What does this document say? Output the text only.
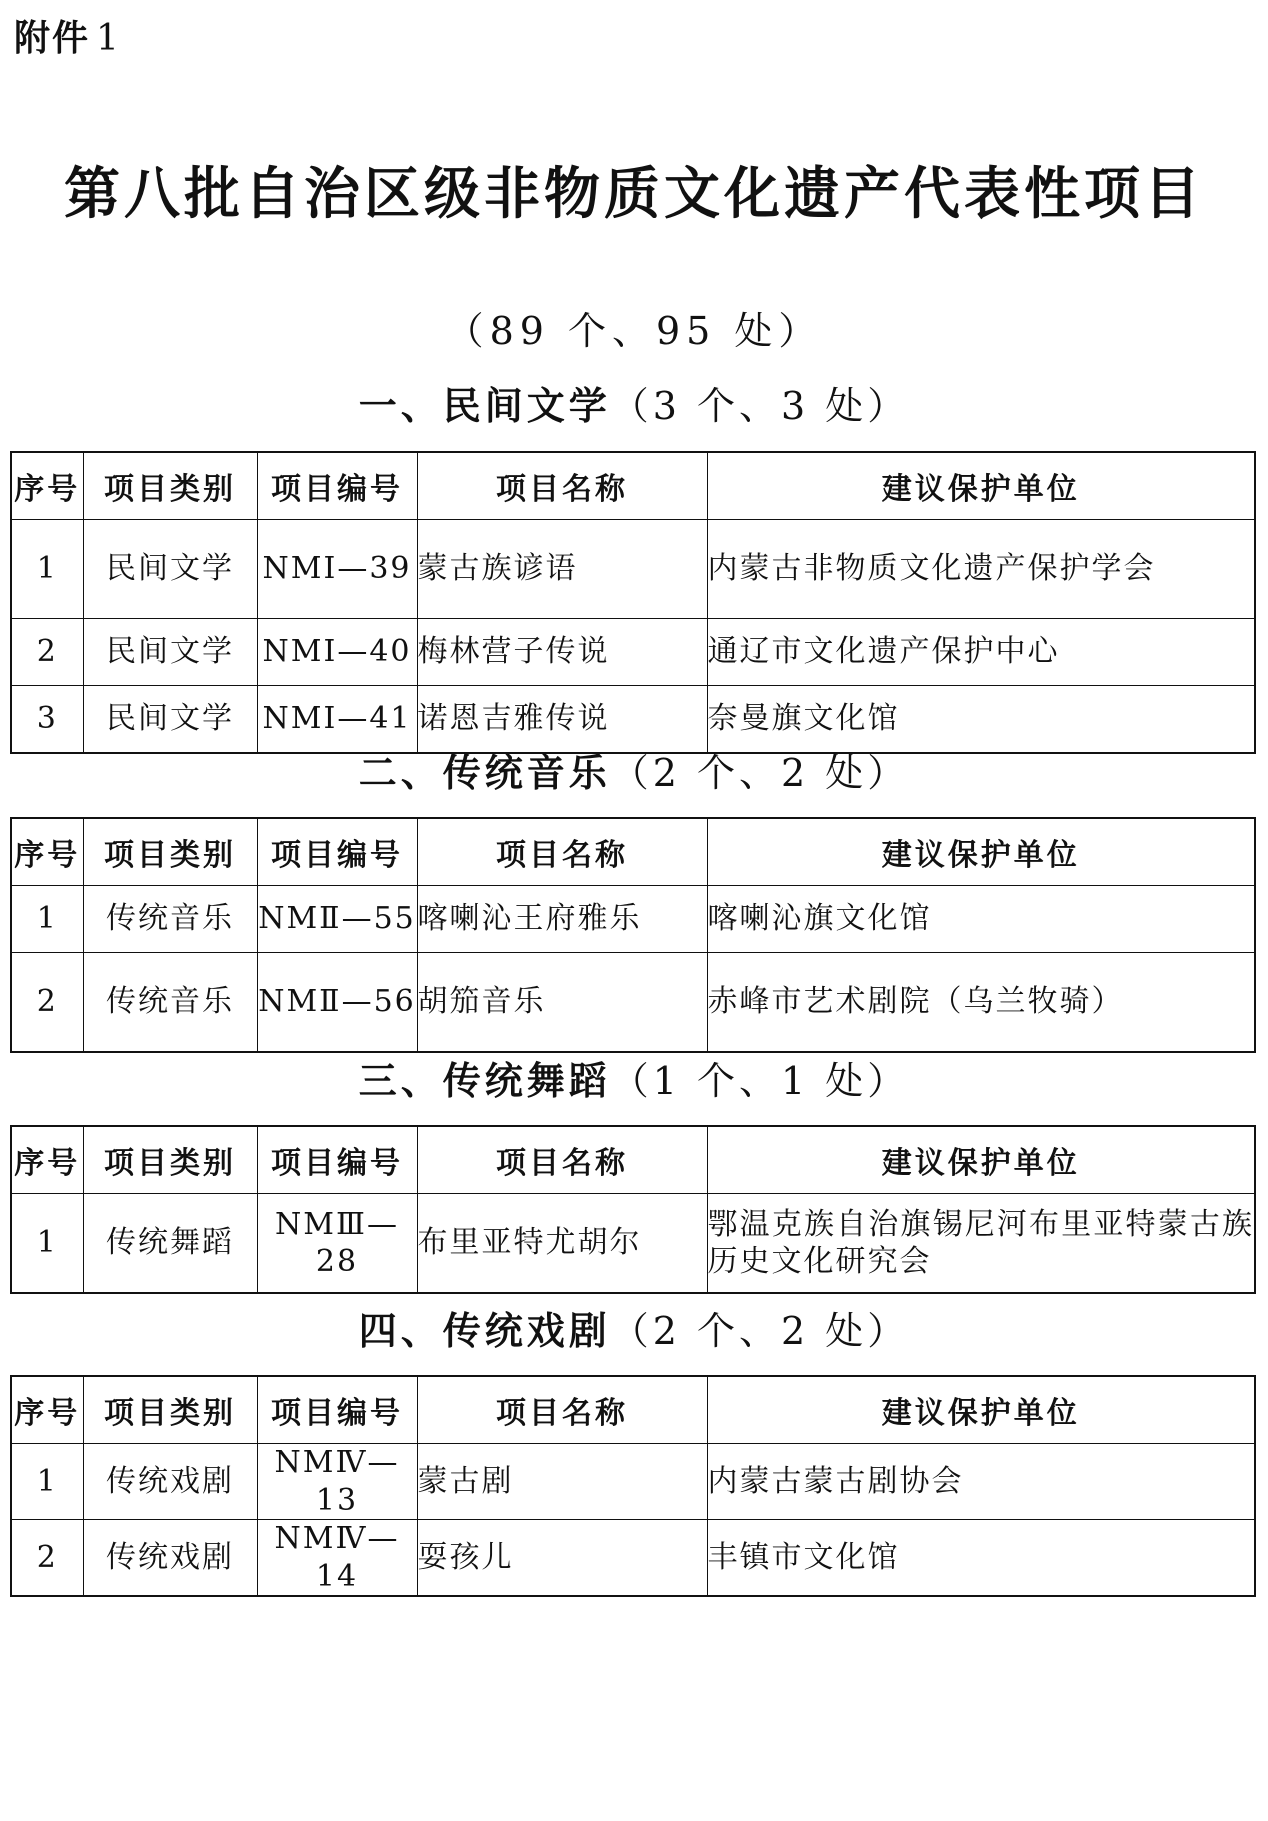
附件 1
第八批自治区级非物质文化遗产代表性项目
（89 个、95 处）
一、民间文学（3 个、3 处）
序号	项目类别	项目编号	项目名称	建议保护单位
1	民间文学	NMⅠ—39	蒙古族谚语	内蒙古非物质文化遗产保护学会
2	民间文学	NMⅠ—40	梅林营子传说	通辽市文化遗产保护中心
3	民间文学	NMⅠ—41	诺恩吉雅传说	奈曼旗文化馆
二、传统音乐（2 个、2 处）
序号	项目类别	项目编号	项目名称	建议保护单位
1	传统音乐	NMⅡ—55	喀喇沁王府雅乐	喀喇沁旗文化馆
2	传统音乐	NMⅡ—56	胡笳音乐	赤峰市艺术剧院（乌兰牧骑）
三、传统舞蹈（1 个、1 处）
序号	项目类别	项目编号	项目名称	建议保护单位
1	传统舞蹈	NMⅢ—28	布里亚特尤胡尔	鄂温克族自治旗锡尼河布里亚特蒙古族历史文化研究会
四、传统戏剧（2 个、2 处）
序号	项目类别	项目编号	项目名称	建议保护单位
1	传统戏剧	NMⅣ—13	蒙古剧	内蒙古蒙古剧协会
2	传统戏剧	NMⅣ—14	耍孩儿	丰镇市文化馆
